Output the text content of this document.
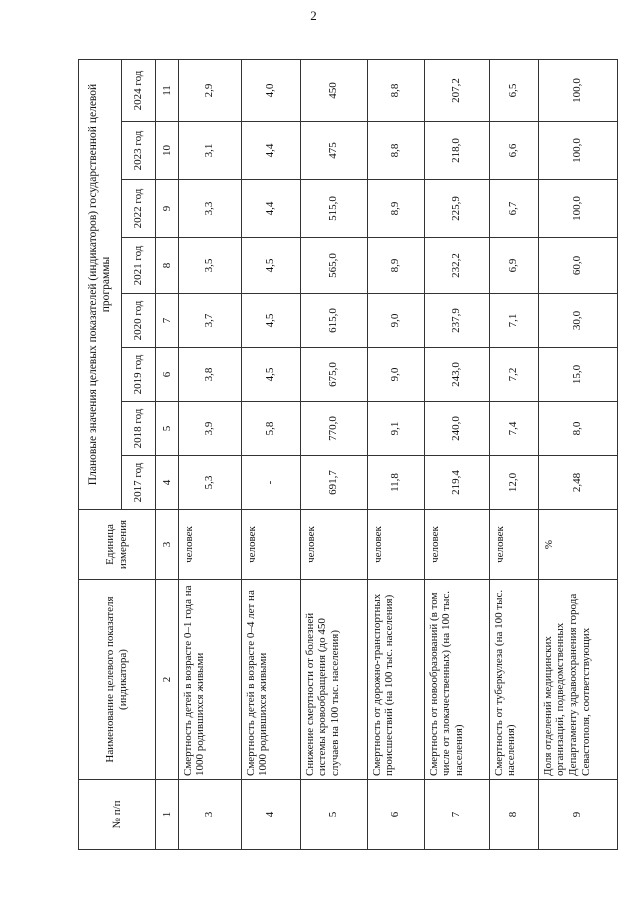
2
№ п/п	Наименование целевого показателя (индикатора)	Единица измерения	Плановые значения целевых показателей (индикаторов) государственной целевой программы							
			2017 год	2018 год	2019 год	2020 год	2021 год	2022 год	2023 год	2024 год
1	2	3	4	5	6	7	8	9	10	11
3	Смертность детей в возрасте 0–1 года на 1000 родившихся живыми	человек	5,3	3,9	3,8	3,7	3,5	3,3	3,1	2,9
4	Смертность детей в возрасте 0–4 лет на 1000 родившихся живыми	человек	-	5,8	4,5	4,5	4,5	4,4	4,4	4,0
5	Снижение смертности от болезней системы кровообращения (до 450 случаев на 100 тыс. населения)	человек	691,7	770,0	675,0	615,0	565,0	515,0	475	450
6	Смертность от дорожно-транспортных происшествий (на 100 тыс. населения)	человек	11,8	9,1	9,0	9,0	8,9	8,9	8,8	8,8
7	Смертность от новообразований (в том числе от злокачественных) (на 100 тыс. населения)	человек	219,4	240,0	243,0	237,9	232,2	225,9	218,0	207,2
8	Смертность от туберкулеза (на 100 тыс. населения)	человек	12,0	7,4	7,2	7,1	6,9	6,7	6,6	6,5
9	Доля отделений медицинских организаций, подведомственных Департаменту здравоохранения города Севастополя, соответствующих	%	2,48	8,0	15,0	30,0	60,0	100,0	100,0	100,0
